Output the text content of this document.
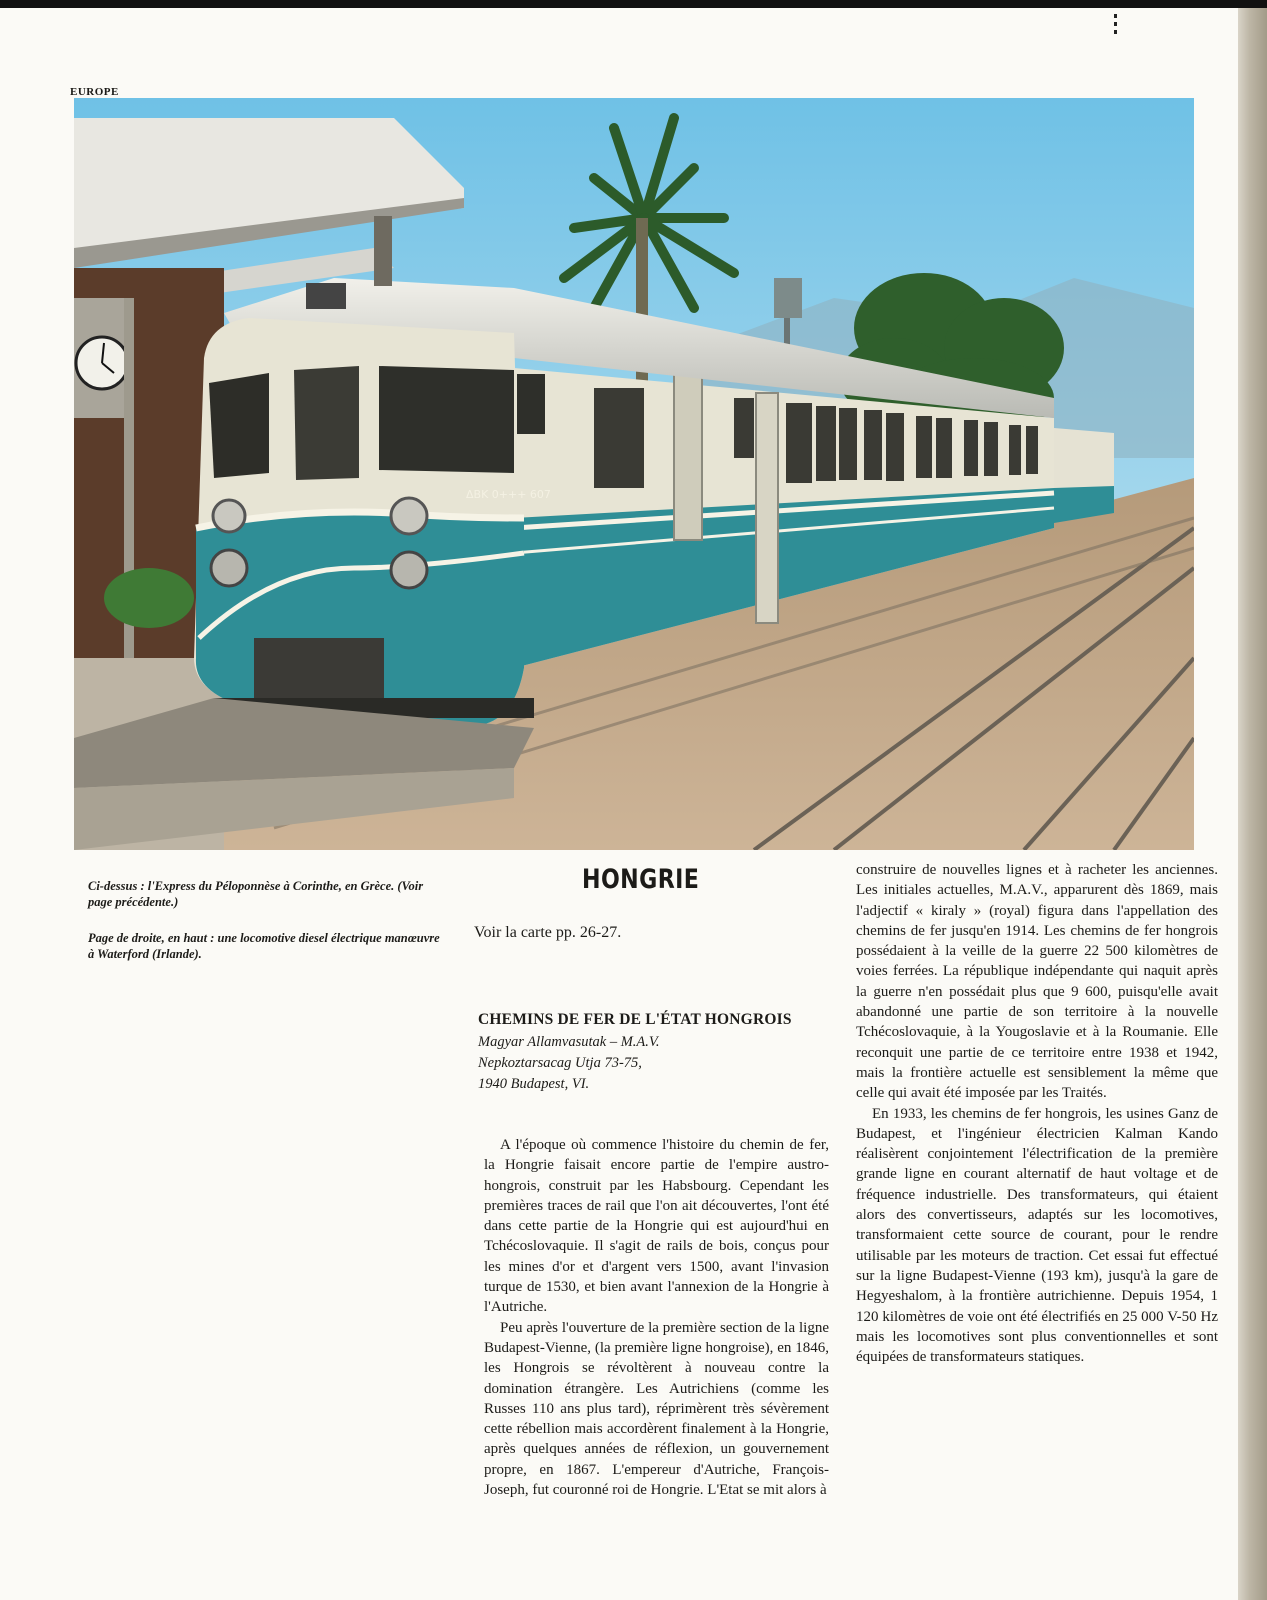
EUROPE
ΔBK 0+++ 607
Ci-dessus : l'Express du Péloponnèse à Corinthe, en Grèce. (Voir page précédente.)
Page de droite, en haut : une locomotive diesel électrique manœuvre à Waterford (Irlande).
HONGRIE
Voir la carte pp. 26-27.
CHEMINS DE FER DE L'ÉTAT HONGROIS
Magyar Allamvasutak – M.A.V.
Nepkoztarsacag Utja 73-75,
1940 Budapest, VI.

A l'époque où commence l'histoire du chemin de fer, la Hongrie faisait encore partie de l'empire austro-hongrois, construit par les Habsbourg. Cependant les premières traces de rail que l'on ait découvertes, l'ont été dans cette partie de la Hongrie qui est aujourd'hui en Tchécoslovaquie. Il s'agit de rails de bois, conçus pour les mines d'or et d'argent vers 1500, avant l'invasion turque de 1530, et bien avant l'annexion de la Hongrie à l'Autriche.

Peu après l'ouverture de la première section de la ligne Budapest-Vienne, (la première ligne hongroise), en 1846, les Hongrois se révoltèrent à nouveau contre la domination étrangère. Les Autrichiens (comme les Russes 110 ans plus tard), réprimèrent très sévèrement cette rébellion mais accordèrent finalement à la Hongrie, après quelques années de réflexion, un gouvernement propre, en 1867. L'empereur d'Autriche, François-Joseph, fut couronné roi de Hongrie. L'Etat se mit alors à

construire de nouvelles lignes et à racheter les anciennes. Les initiales actuelles, M.A.V., apparurent dès 1869, mais l'adjectif « kiraly » (royal) figura dans l'appellation des chemins de fer jusqu'en 1914. Les chemins de fer hongrois possédaient à la veille de la guerre 22 500 kilomètres de voies ferrées. La république indépendante qui naquit après la guerre n'en possédait plus que 9 600, puisqu'elle avait abandonné une partie de son territoire à la nouvelle Tchécoslovaquie, à la Yougoslavie et à la Roumanie. Elle reconquit une partie de ce territoire entre 1938 et 1942, mais la frontière actuelle est sensiblement la même que celle qui avait été imposée par les Traités.

En 1933, les chemins de fer hongrois, les usines Ganz de Budapest, et l'ingénieur électricien Kalman Kando réalisèrent conjointement l'électrification de la première grande ligne en courant alternatif de haut voltage et de fréquence industrielle. Des transformateurs, qui étaient alors des convertisseurs, adaptés sur les locomotives, transformaient cette source de courant, pour le rendre utilisable par les moteurs de traction. Cet essai fut effectué sur la ligne Budapest-Vienne (193 km), jusqu'à la gare de Hegyeshalom, à la frontière autrichienne. Depuis 1954, 1 120 kilomètres de voie ont été électrifiés en 25 000 V-50 Hz mais les locomotives sont plus conventionnelles et sont équipées de transformateurs statiques.
